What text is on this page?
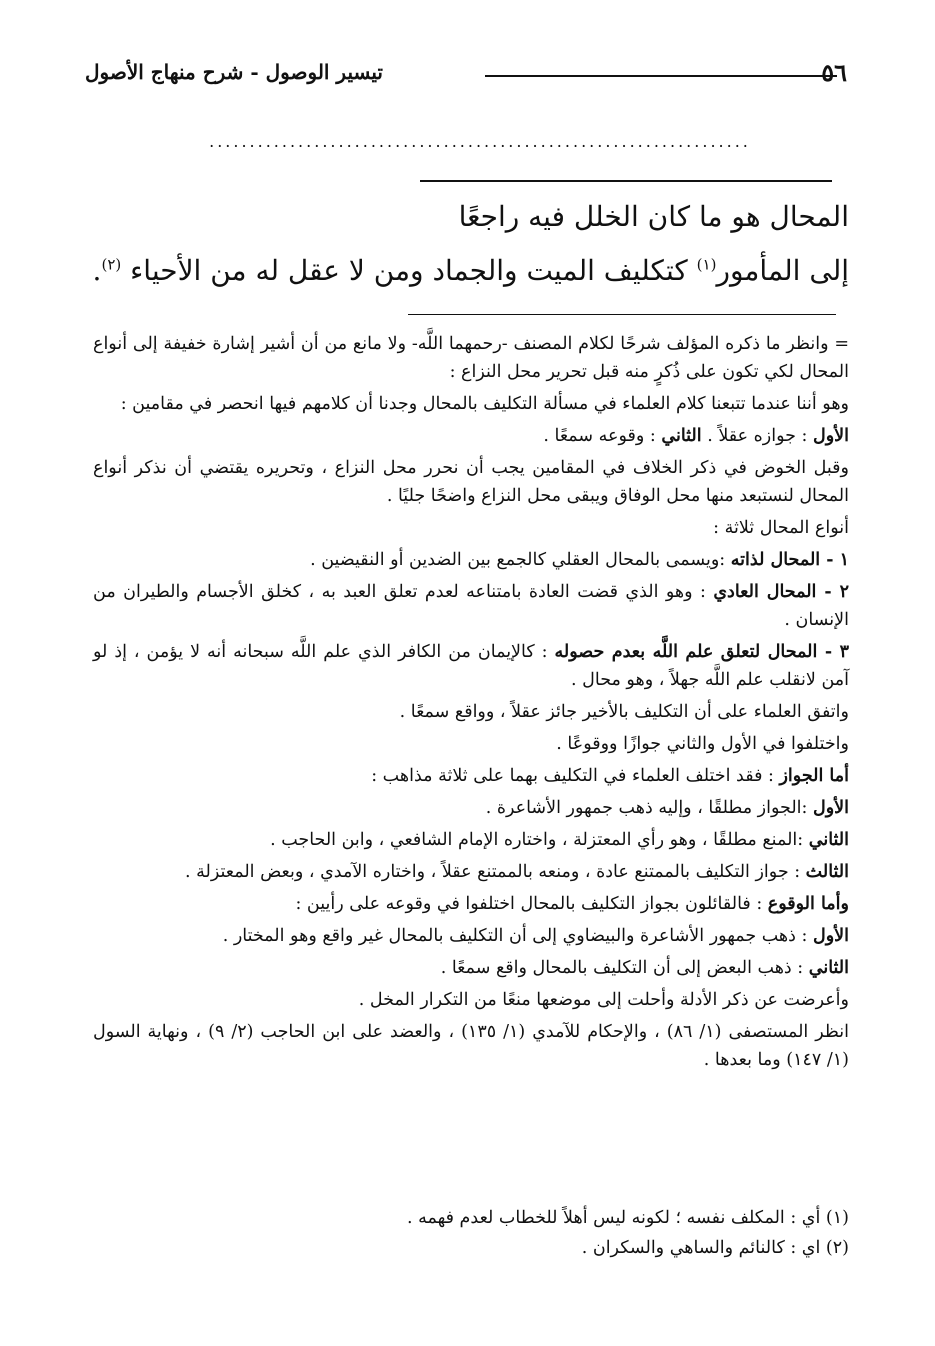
٥٦
تيسير الوصول - شرح منهاج الأصول
...................................................................
المحال هو ما كان الخلل فيه راجعًا
إلى المأمور$^{(١)}$ كتكليف الميت والجماد ومن لا عقل له من الأحياء $^{(٢)}$.

= وانظر ما ذكره المؤلف شرحًا لكلام المصنف -رحمهما اللَّه- ولا مانع من أن أشير إشارة خفيفة إلى أنواع المحال لكي تكون على ذُكرٍ منه قبل تحرير محل النزاع :

وهو أننا عندما تتبعنا كلام العلماء في مسألة التكليف بالمحال وجدنا أن كلامهم فيها انحصر في مقامين :

الأول : جوازه عقلاً . الثاني : وقوعه سمعًا .

وقبل الخوض في ذكر الخلاف في المقامين يجب أن نحرر محل النزاع ، وتحريره يقتضي أن نذكر أنواع المحال لنستبعد منها محل الوفاق ويبقى محل النزاع واضحًا جليًا .

أنواع المحال ثلاثة :

١ - المحال لذاته :ويسمى بالمحال العقلي كالجمع بين الضدين أو النقيضين .

٢ - المحال العادي : وهو الذي قضت العادة بامتناعه لعدم تعلق العبد به ، كخلق الأجسام والطيران من الإنسان .

٣ - المحال لتعلق علم اللَّه بعدم حصوله : كالإيمان من الكافر الذي علم اللَّه سبحانه أنه لا يؤمن ، إذ لو آمن لانقلب علم اللَّه جهلاً ، وهو محال .

واتفق العلماء على أن التكليف بالأخير جائز عقلاً ، وواقع سمعًا .

واختلفوا في الأول والثاني جوازًا ووقوعًا .

أما الجواز : فقد اختلف العلماء في التكليف بهما على ثلاثة مذاهب :

الأول :الجواز مطلقًا ، وإليه ذهب جمهور الأشاعرة .

الثاني :المنع مطلقًا ، وهو رأي المعتزلة ، واختاره الإمام الشافعي ، وابن الحاجب .

الثالث : جواز التكليف بالممتنع عادة ، ومنعه بالممتنع عقلاً ، واختاره الآمدي ، وبعض المعتزلة .

وأما الوقوع : فالقائلون بجواز التكليف بالمحال اختلفوا في وقوعه على رأيين :

الأول : ذهب جمهور الأشاعرة والبيضاوي إلى أن التكليف بالمحال غير واقع وهو المختار .

الثاني : ذهب البعض إلى أن التكليف بالمحال واقع سمعًا .

وأعرضت عن ذكر الأدلة وأحلت إلى موضعها منعًا من التكرار المخل .

انظر المستصفى (١/ ٨٦) ، والإحكام للآمدي (١/ ١٣٥) ، والعضد على ابن الحاجب (٢/ ٩) ، ونهاية السول (١/ ١٤٧) وما بعدها .

(١) أي : المكلف نفسه ؛ لكونه ليس أهلاً للخطاب لعدم فهمه .

(٢) اي : كالنائم والساهي والسكران .
